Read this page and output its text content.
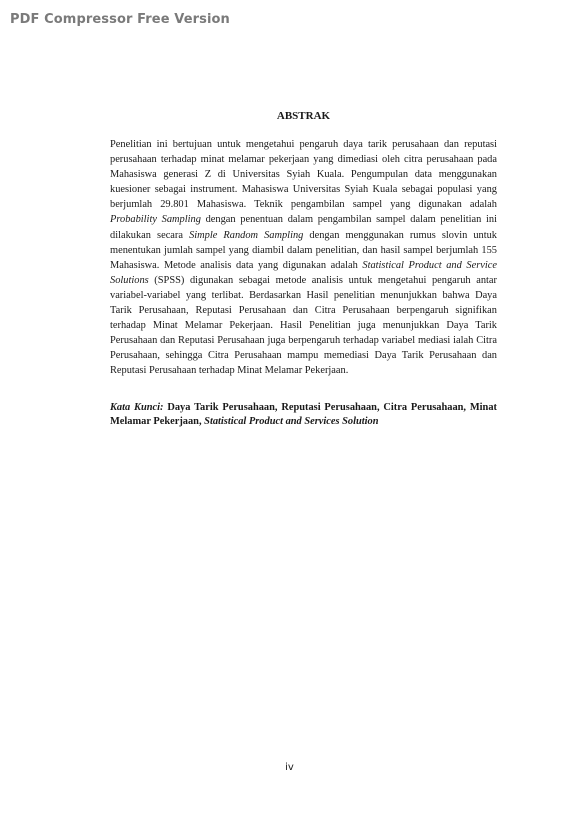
PDF Compressor Free Version
ABSTRAK

Penelitian ini bertujuan untuk mengetahui pengaruh daya tarik perusahaan dan reputasi perusahaan terhadap minat melamar pekerjaan yang dimediasi oleh citra perusahaan pada Mahasiswa generasi Z di Universitas Syiah Kuala. Pengumpulan data menggunakan kuesioner sebagai instrument. Mahasiswa Universitas Syiah Kuala sebagai populasi yang berjumlah 29.801 Mahasiswa. Teknik pengambilan sampel yang digunakan adalah Probability Sampling dengan penentuan dalam pengambilan sampel dalam penelitian ini dilakukan secara Simple Random Sampling dengan menggunakan rumus slovin untuk menentukan jumlah sampel yang diambil dalam penelitian, dan hasil sampel berjumlah 155 Mahasiswa. Metode analisis data yang digunakan adalah Statistical Product and Service Solutions (SPSS) digunakan sebagai metode analisis untuk mengetahui pengaruh antar variabel-variabel yang terlibat. Berdasarkan Hasil penelitian menunjukkan bahwa Daya Tarik Perusahaan, Reputasi Perusahaan dan Citra Perusahaan berpengaruh signifikan terhadap Minat Melamar Pekerjaan. Hasil Penelitian juga menunjukkan Daya Tarik Perusahaan dan Reputasi Perusahaan juga berpengaruh terhadap variabel mediasi ialah Citra Perusahaan, sehingga Citra Perusahaan mampu memediasi Daya Tarik Perusahaan dan Reputasi Perusahaan terhadap Minat Melamar Pekerjaan.

Kata Kunci: Daya Tarik Perusahaan, Reputasi Perusahaan, Citra Perusahaan, Minat Melamar Pekerjaan, Statistical Product and Services Solution

iv
